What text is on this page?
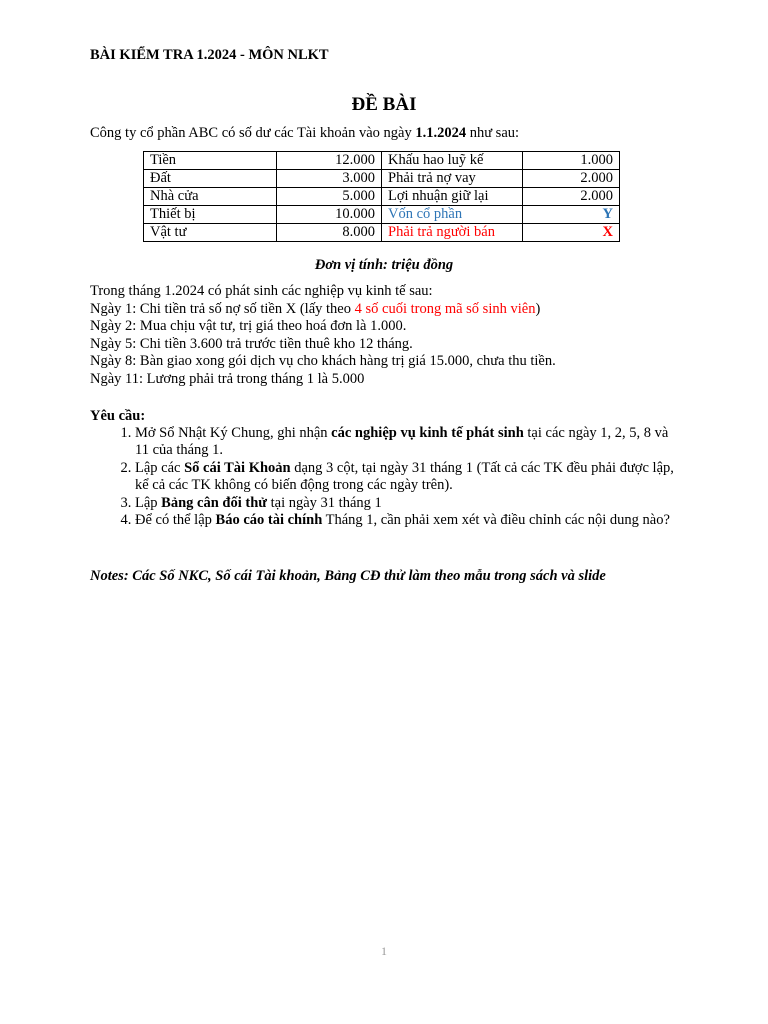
BÀI KIỂM TRA 1.2024 - MÔN NLKT
ĐỀ BÀI
Công ty cổ phần ABC có số dư các Tài khoản vào ngày 1.1.2024 như sau:
Tiền	12.000	Khấu hao luỹ kế	1.000
Đất	3.000	Phải trả nợ vay	2.000
Nhà cửa	5.000	Lợi nhuận giữ lại	2.000
Thiết bị	10.000	Vốn cổ phần	Y
Vật tư	8.000	Phải trả người bán	X
Đơn vị tính: triệu đồng
Trong tháng 1.2024 có phát sinh các nghiệp vụ kinh tế sau:
Ngày 1: Chi tiền trả số nợ số tiền X (lấy theo 4 số cuối trong mã số sinh viên)
Ngày 2: Mua chịu vật tư, trị giá theo hoá đơn là 1.000.
Ngày 5: Chi tiền 3.600 trả trước tiền thuê kho 12 tháng.
Ngày 8: Bàn giao xong gói dịch vụ cho khách hàng trị giá 15.000, chưa thu tiền.
Ngày 11: Lương phải trả trong tháng 1 là 5.000
Yêu cầu:
1. Mở Sổ Nhật Ký Chung, ghi nhận các nghiệp vụ kinh tế phát sinh tại các ngày 1, 2, 5, 8 và 11 của tháng 1.
2. Lập các Sổ cái Tài Khoản dạng 3 cột, tại ngày 31 tháng 1 (Tất cả các TK đều phải được lập, kể cả các TK không có biến động trong các ngày trên).
3. Lập Bảng cân đối thử tại ngày 31 tháng 1
4. Để có thể lập Báo cáo tài chính Tháng 1, cần phải xem xét và điều chỉnh các nội dung nào?
Notes: Các Số NKC, Số cái Tài khoản, Bảng CĐ thử làm theo mẫu trong sách và slide
1
